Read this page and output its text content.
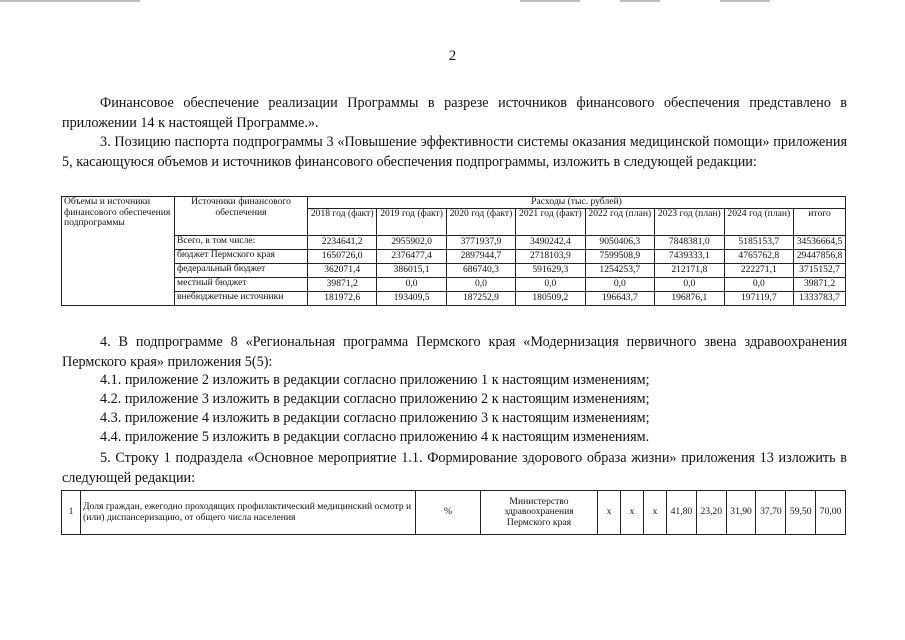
2

Финансовое обеспечение реализации Программы в разрезе источников финансового обеспечения представлено в приложении 14 к настоящей Программе.».

3. Позицию паспорта подпрограммы 3 «Повышение эффективности системы оказания медицинской помощи» приложения 5, касающуюся объемов и источников финансового обеспечения подпрограммы, изложить в следующей редакции:

Объемы и источники финансового обеспечения подпрограммы	Источники финансового обеспечения	Расходы (тыс. рублей)							
		2018 год (факт)	2019 год (факт)	2020 год (факт)	2021 год (факт)	2022 год (план)	2023 год (план)	2024 год (план)	итого
	Всего, в том числе:	2234641,2	2955902,0	3771937,9	3490242,4	9050406,3	7848381,0	5185153,7	34536664,5
	бюджет Пермского края	1650726,0	2376477,4	2897944,7	2718103,9	7599508,9	7439333,1	4765762,8	29447856,8
	федеральный бюджет	362071,4	386015,1	686740,3	591629,3	1254253,7	212171,8	222271,1	3715152,7
	местный бюджет	39871,2	0,0	0,0	0,0	0,0	0,0	0,0	39871,2
	внебюджетные источники	181972,6	193409,5	187252,9	180509,2	196643,7	196876,1	197119,7	1333783,7

4. В подпрограмме 8 «Региональная программа Пермского края «Модернизация первичного звена здравоохранения Пермского края» приложения 5(5):

4.1. приложение 2 изложить в редакции согласно приложению 1 к настоящим изменениям;

4.2. приложение 3 изложить в редакции согласно приложению 2 к настоящим изменениям;

4.3. приложение 4 изложить в редакции согласно приложению 3 к настоящим изменениям;

4.4. приложение 5 изложить в редакции согласно приложению 4 к настоящим изменениям.

5. Строку 1 подраздела «Основное мероприятие 1.1. Формирование здорового образа жизни» приложения 13 изложить в следующей редакции:

1	Доля граждан, ежегодно проходящих профилактический медицинский осмотр и (или) диспансеризацию, от общего числа населения	%	Министерство здравоохранения Пермского края	x	x	x	41,80	23,20	31,90	37,70	59,50	70,00
